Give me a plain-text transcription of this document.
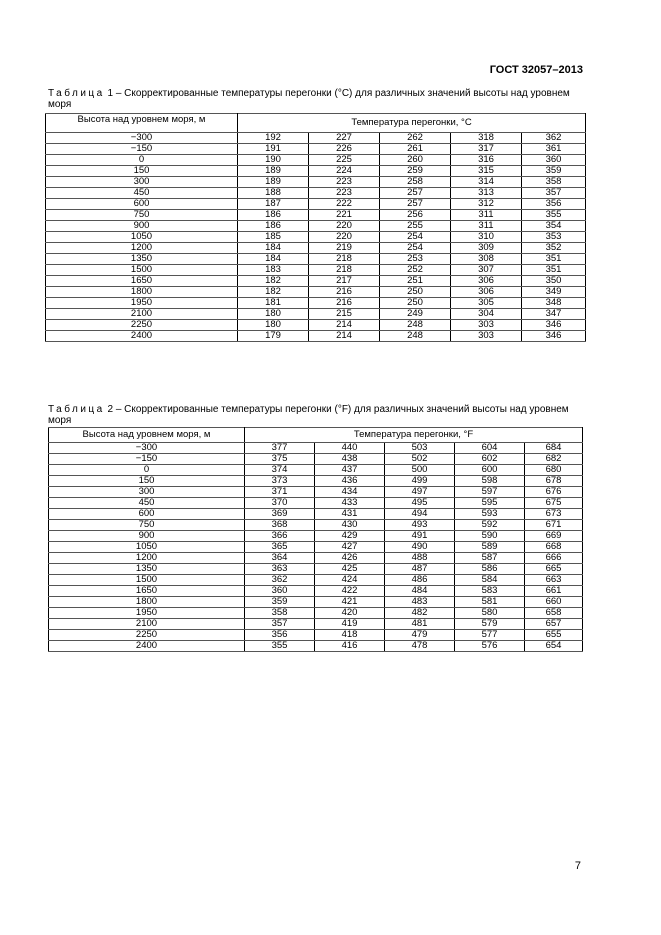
ГОСТ 32057–2013
Таблица 1 – Скорректированные температуры перегонки (°C) для различных значений высоты над уровнем моря
Высота над уровнем моря, м	Температура перегонки, °С				
−300	192	227	262	318	362
−150	191	226	261	317	361
0	190	225	260	316	360
150	189	224	259	315	359
300	189	223	258	314	358
450	188	223	257	313	357
600	187	222	257	312	356
750	186	221	256	311	355
900	186	220	255	311	354
1050	185	220	254	310	353
1200	184	219	254	309	352
1350	184	218	253	308	351
1500	183	218	252	307	351
1650	182	217	251	306	350
1800	182	216	250	306	349
1950	181	216	250	305	348
2100	180	215	249	304	347
2250	180	214	248	303	346
2400	179	214	248	303	346
Таблица 2 – Скорректированные температуры перегонки (°F) для различных значений высоты над уровнем моря
Высота над уровнем моря, м	Температура перегонки, °F				
−300	377	440	503	604	684
−150	375	438	502	602	682
0	374	437	500	600	680
150	373	436	499	598	678
300	371	434	497	597	676
450	370	433	495	595	675
600	369	431	494	593	673
750	368	430	493	592	671
900	366	429	491	590	669
1050	365	427	490	589	668
1200	364	426	488	587	666
1350	363	425	487	586	665
1500	362	424	486	584	663
1650	360	422	484	583	661
1800	359	421	483	581	660
1950	358	420	482	580	658
2100	357	419	481	579	657
2250	356	418	479	577	655
2400	355	416	478	576	654
7
